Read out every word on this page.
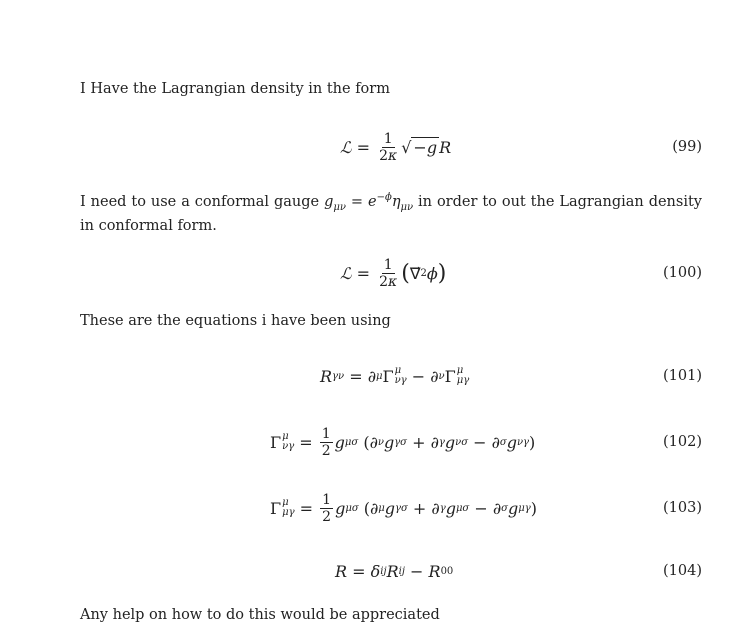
I Have the Lagrangian density in the form
ℒ = $\frac{1}{2\kappa}$ √ −g R	(99)
I need to use a conformal gauge $g_{\mu\nu} = e^{-\phi}\eta_{\mu\nu}$ in order to out the Lagrangian density in conformal form.
ℒ = $\frac{1}{2\kappa}$ ( ∇⃗ 2 ϕ )	(100)
These are the equations i have been using
R γν = ∂ μ Γ μ
νγ − ∂ ν Γ μ
μγ	(101)
Γ μ
$\nu\gamma = \frac{1}{2}$ g μσ (∂ ν g γσ + ∂ γ g νσ − ∂ σ g νγ )	(102)
Γ μ
$\mu\gamma = \frac{1}{2}$ g μσ (∂ μ g γσ + ∂ γ g μσ − ∂ σ g μγ )	(103)
R = δ ij R ij − R 00	(104)
Any help on how to do this would be appreciated
